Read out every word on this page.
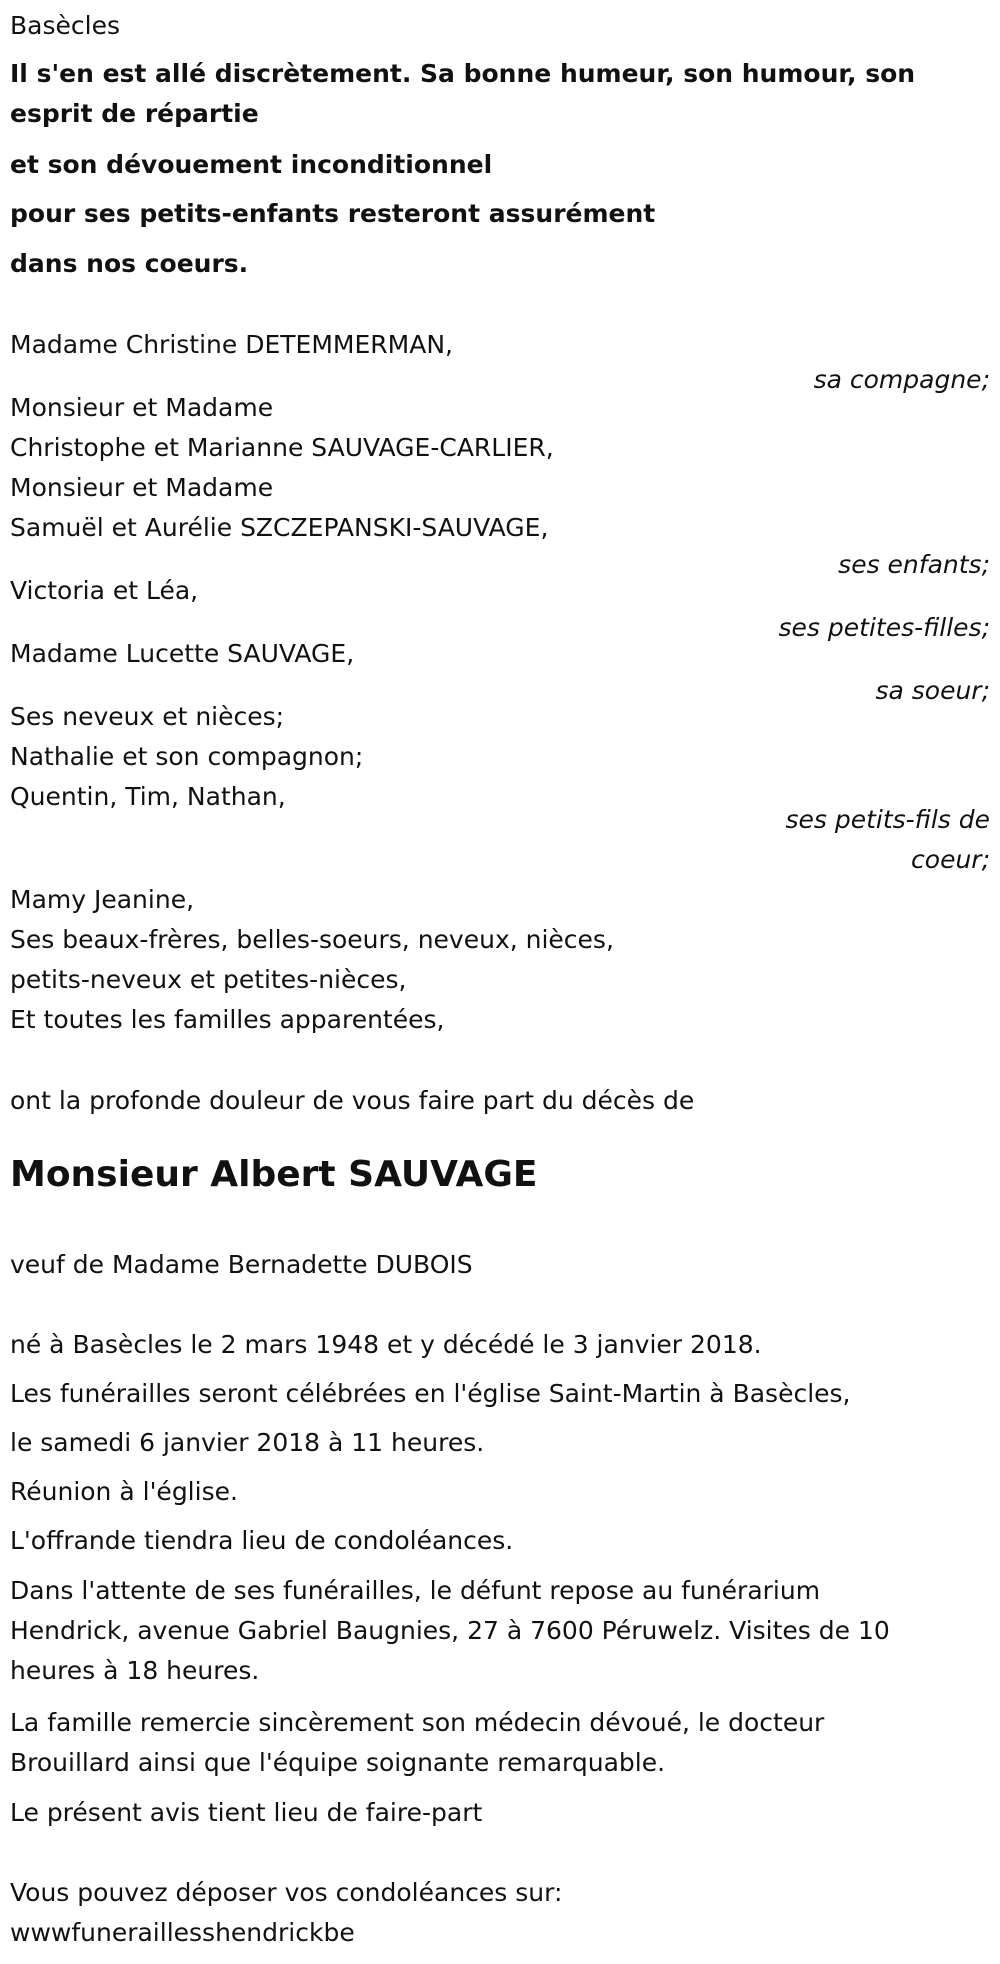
Basècles
Il s'en est allé discrètement. Sa bonne humeur, son humour, son
esprit de répartie
et son dévouement inconditionnel
pour ses petits-enfants resteront assurément
dans nos coeurs.
Madame Christine DETEMMERMAN,
sa compagne;
Monsieur et Madame
Christophe et Marianne SAUVAGE-CARLIER,
Monsieur et Madame
Samuël et Aurélie SZCZEPANSKI-SAUVAGE,
ses enfants;
Victoria et Léa,
ses petites-filles;
Madame Lucette SAUVAGE,
sa soeur;
Ses neveux et nièces;
Nathalie et son compagnon;
Quentin, Tim, Nathan,
ses petits-fils de
coeur;
Mamy Jeanine,
Ses beaux-frères, belles-soeurs, neveux, nièces,
petits-neveux et petites-nièces,
Et toutes les familles apparentées,
ont la profonde douleur de vous faire part du décès de
Monsieur Albert SAUVAGE
veuf de Madame Bernadette DUBOIS
né à Basècles le 2 mars 1948 et y décédé le 3 janvier 2018.
Les funérailles seront célébrées en l'église Saint-Martin à Basècles,
le samedi 6 janvier 2018 à 11 heures.
Réunion à l'église.
L'offrande tiendra lieu de condoléances.
Dans l'attente de ses funérailles, le défunt repose au funérarium
Hendrick, avenue Gabriel Baugnies, 27 à 7600 Péruwelz. Visites de 10
heures à 18 heures.
La famille remercie sincèrement son médecin dévoué, le docteur
Brouillard ainsi que l'équipe soignante remarquable.
Le présent avis tient lieu de faire-part
Vous pouvez déposer vos condoléances sur:
wwwfuneraillesshendrickbe
